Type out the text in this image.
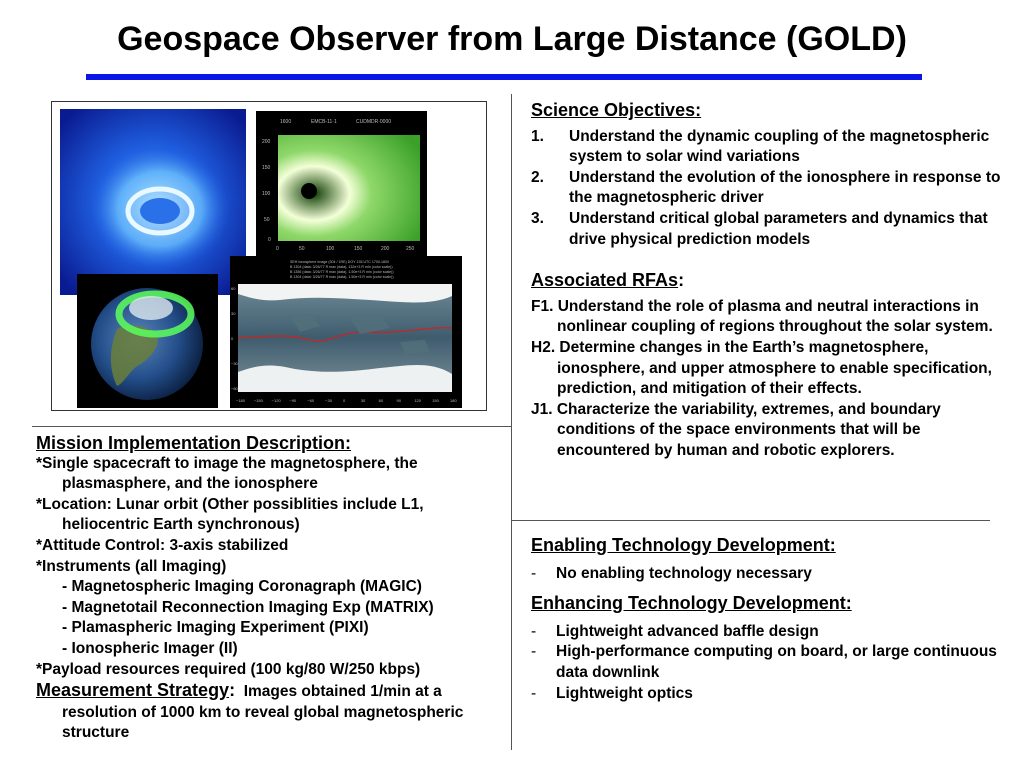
Geospace Observer from Large Distance (GOLD)
1600	EMCB-11·1	CUDMDR·0000
200
150
100
50
0
0	50	100	150	200	250
SEH Ionosphere Image (304 / 1RE) DOY 135 UTC 1700-1800
B 1304 (data: 3/26/77 R max (data), 132e+3 R min (color scale))
B 1356 (data: 3/26/77 R max (data), 1.50e+3 R min (color scale))
B 1304 (data: 3/26/77 R max (data), 1.50e+3 R min (color scale))
−180 −150 −120 −90	−60	−30	0	30	60	90	120	150	180
60
30
0
−30
−60
Science Objectives:
1. Understand the dynamic coupling of the magnetospheric system to solar wind variations
2. Understand the evolution of the ionosphere in response to the magnetospheric driver
3. Understand critical global parameters and dynamics that drive physical prediction models
Associated RFAs:
F1. Understand the role of plasma and neutral interactions in nonlinear coupling of regions throughout the solar system.
H2. Determine changes in the Earth’s magnetosphere, ionosphere, and upper atmosphere to enable specification, prediction, and mitigation of their effects.
J1. Characterize the variability, extremes, and boundary conditions of the space environments that will be encountered by human and robotic explorers.
Enabling Technology Development:
- No enabling technology necessary
Enhancing Technology Development:
- Lightweight advanced baffle design
- High-performance computing on board, or large continuous data downlink
- Lightweight optics
Mission Implementation Description:
*Single spacecraft to image the magnetosphere, the plasmasphere, and the ionosphere
*Location: Lunar orbit (Other possiblities include L1, heliocentric Earth synchronous)
*Attitude Control: 3-axis stabilized
*Instruments (all Imaging)
- Magnetospheric Imaging Coronagraph (MAGIC)
- Magnetotail Reconnection Imaging Exp (MATRIX)
- Plamaspheric Imaging Experiment (PIXI)
- Ionospheric Imager (II)
*Payload resources required (100 kg/80 W/250 kbps)
Measurement Strategy:  Images obtained 1/min at a resolution of 1000 km to reveal global magnetospheric structure
